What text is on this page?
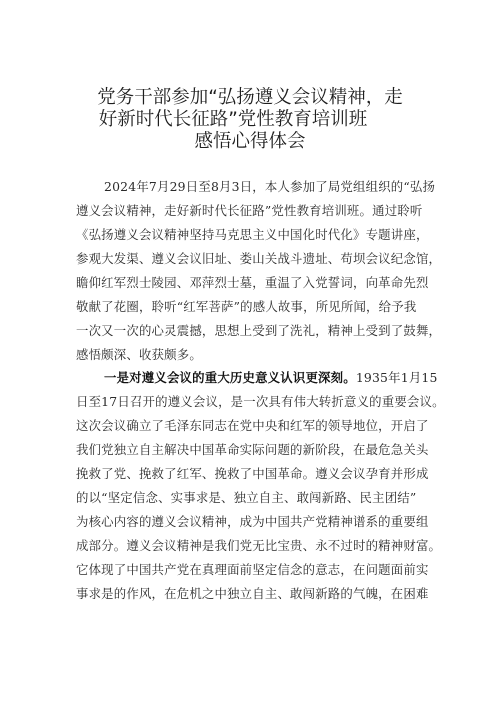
党务干部参加“弘扬遵义会议精神，走
好新时代长征路”党性教育培训班
感悟心得体会
2024年7月29日至8月3日，本人参加了局党组组织的“弘扬
遵义会议精神，走好新时代长征路”党性教育培训班。通过聆听
《弘扬遵义会议精神坚持马克思主义中国化时代化》专题讲座，
参观大发渠、遵义会议旧址、娄山关战斗遗址、苟坝会议纪念馆，
瞻仰红军烈士陵园、邓萍烈士墓，重温了入党誓词，向革命先烈
敬献了花圈，聆听“红军菩萨”的感人故事，所见所闻，给予我
一次又一次的心灵震撼，思想上受到了洗礼，精神上受到了鼓舞，
感悟颇深、收获颇多。
一是对遵义会议的重大历史意义认识更深刻。1935年1月15
日至17日召开的遵义会议，是一次具有伟大转折意义的重要会议。
这次会议确立了毛泽东同志在党中央和红军的领导地位，开启了
我们党独立自主解决中国革命实际问题的新阶段，在最危急关头
挽救了党、挽救了红军、挽救了中国革命。遵义会议孕育并形成
的以“坚定信念、实事求是、独立自主、敢闯新路、民主团结”
为核心内容的遵义会议精神，成为中国共产党精神谱系的重要组
成部分。遵义会议精神是我们党无比宝贵、永不过时的精神财富。
它体现了中国共产党在真理面前坚定信念的意志，在问题面前实
事求是的作风，在危机之中独立自主、敢闯新路的气魄，在困难
